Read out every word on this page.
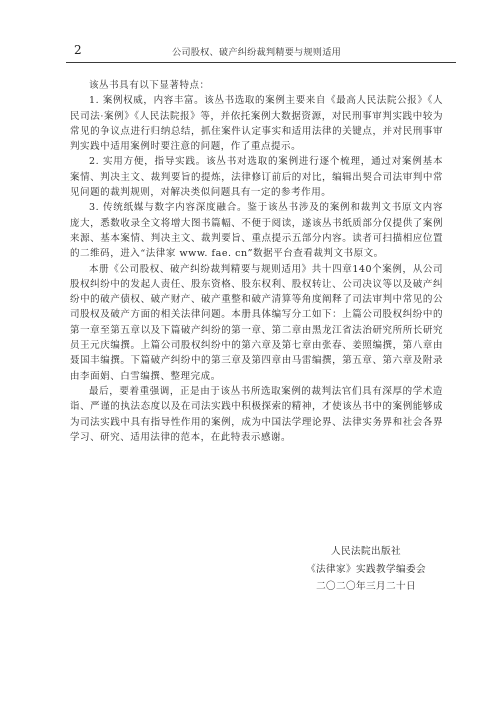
2	公司股权、破产纠纷裁判精要与规则适用

该丛书具有以下显著特点：

1. 案例权威，内容丰富。该丛书选取的案例主要来自《最高人民法院公报》《人民司法·案例》《人民法院报》等，并依托案例大数据资源，对民刑事审判实践中较为常见的争议点进行归纳总结，抓住案件认定事实和适用法律的关键点，并对民刑事审判实践中适用案例时要注意的问题，作了重点提示。

2. 实用方便，指导实践。该丛书对选取的案例进行逐个梳理，通过对案例基本案情、判决主文、裁判要旨的提炼，法律修订前后的对比，编辑出契合司法审判中常见问题的裁判规则，对解决类似问题具有一定的参考作用。

3. 传统纸媒与数字内容深度融合。鉴于该丛书涉及的案例和裁判文书原文内容庞大，悉数收录全文将增大图书篇幅、不便于阅读，遂该丛书纸质部分仅提供了案例来源、基本案情、判决主文、裁判要旨、重点提示五部分内容。读者可扫描相应位置的二维码，进入“法律家 www. fae. cn”数据平台查看裁判文书原文。

本册《公司股权、破产纠纷裁判精要与规则适用》共十四章140个案例，从公司股权纠纷中的发起人责任、股东资格、股东权利、股权转让、公司决议等以及破产纠纷中的破产债权、破产财产、破产重整和破产清算等角度阐释了司法审判中常见的公司股权及破产方面的相关法律问题。本册具体编写分工如下：上篇公司股权纠纷中的第一章至第五章以及下篇破产纠纷的第一章、第二章由黑龙江省法治研究所所长研究员王元庆编撰。上篇公司股权纠纷中的第六章及第七章由张春、姜照编撰，第八章由聂国丰编撰。下篇破产纠纷中的第三章及第四章由马雷编撰，第五章、第六章及附录由李面娟、白雪编撰、整理完成。

最后，要着重强调，正是由于该丛书所选取案例的裁判法官们具有深厚的学术造诣、严谨的执法态度以及在司法实践中积极探索的精神，才使该丛书中的案例能够成为司法实践中具有指导性作用的案例，成为中国法学理论界、法律实务界和社会各界学习、研究、适用法律的范本，在此特表示感谢。

人民法院出版社
《法律家》实践教学编委会
二〇二〇年三月二十日
